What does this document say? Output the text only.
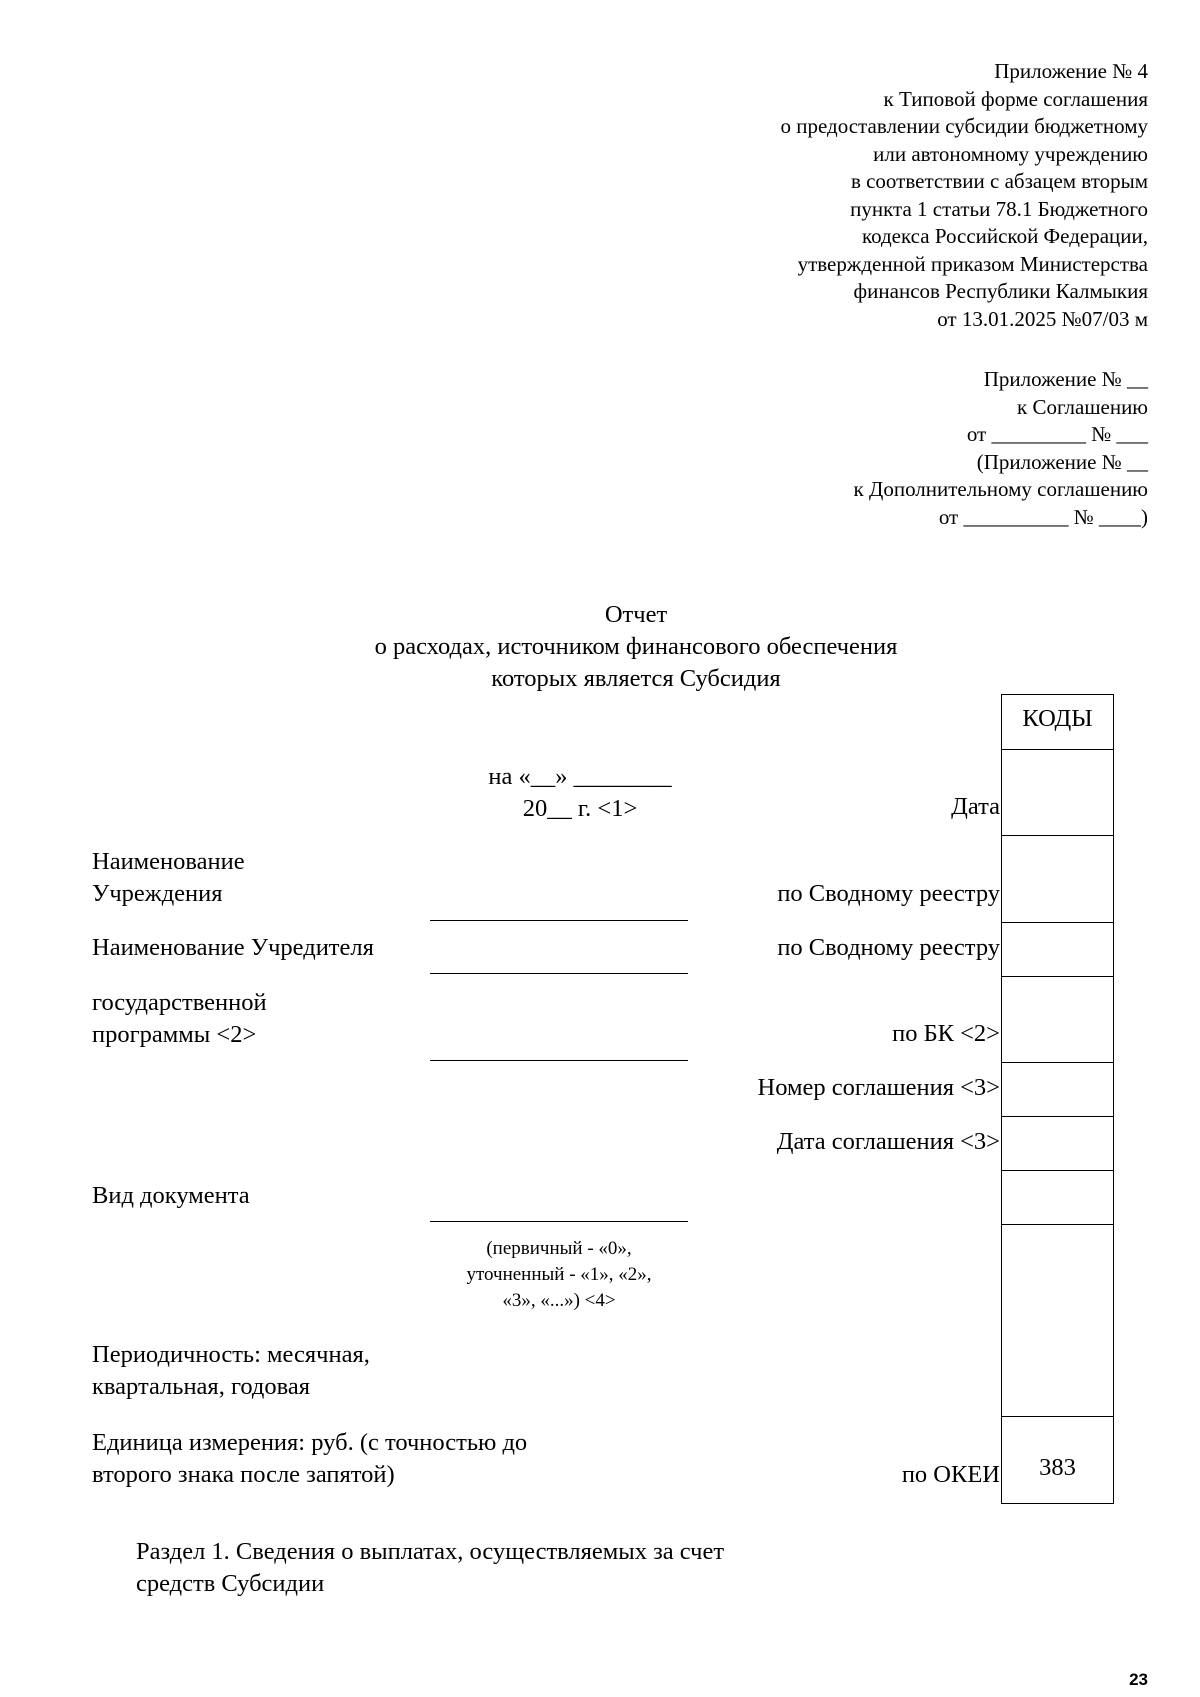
Приложение № 4
к Типовой форме соглашения
о предоставлении субсидии бюджетному
или автономному учреждению
в соответствии с абзацем вторым
пункта 1 статьи 78.1 Бюджетного
кодекса Российской Федерации,
утвержденной приказом Министерства
финансов Республики Калмыкия
от 13.01.2025 №07/03 м
Приложение № __
к Соглашению
от _________ № ___
(Приложение № __
к Дополнительному соглашению
от __________ № ____)
Отчет
о расходах, источником финансового обеспечения
которых является Субсидия
на «__» ________
20__ г. <1>
КОДЫ
383
Дата
по Сводному реестру
по Сводному реестру
по БК <2>
Номер соглашения <3>
Дата соглашения <3>
по ОКЕИ
Наименование
Учреждения
Наименование Учредителя
государственной
программы <2>
Вид документа
(первичный - «0»,
уточненный - «1», «2»,
«3», «...») <4>
Периодичность: месячная,
квартальная, годовая
Единица измерения: руб. (с точностью до
второго знака после запятой)
Раздел 1. Сведения о выплатах, осуществляемых за счет
средств Субсидии
23
